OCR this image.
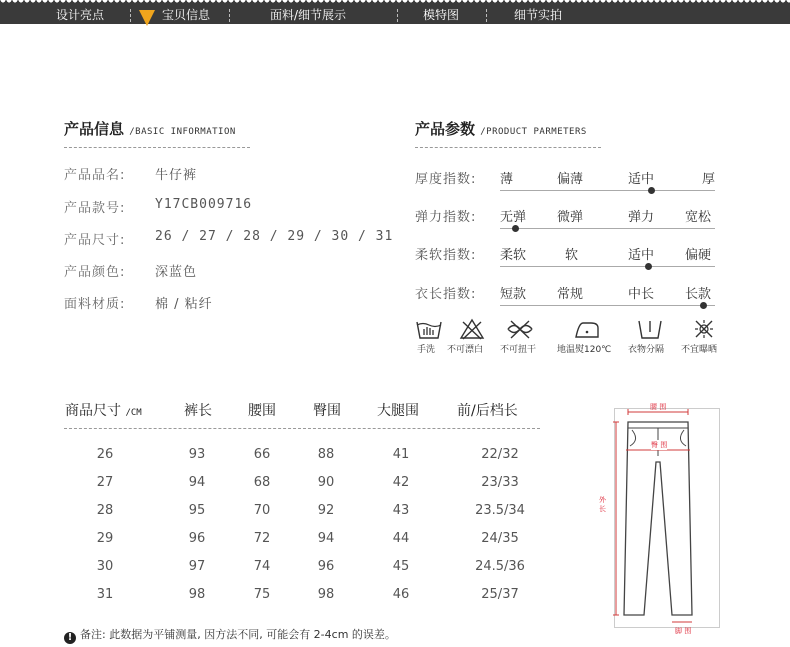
设计亮点	宝贝信息	面料/细节展示	模特图	细节实拍
产品信息 /BASIC INFORMATION
产品品名: 牛仔裤
产品款号: Y17CB009716
产品尺寸: 26 / 27 / 28 / 29 / 30 / 31
产品颜色: 深蓝色
面料材质: 棉 / 粘纤
产品参数 /PRODUCT PARMETERS
厚度指数: 薄	偏薄	适中	厚
弹力指数: 无弹 微弹	弹力 宽松
柔软指数: 柔软	软	适中 偏硬
衣长指数: 短款 常规	中长 长款
手洗 不可漂白 不可扭干 地温熨120℃ 衣物分隔 不宜曝晒
商品尺寸 /CM	裤长	腰围	臀围	大腿围	前/后档长
26	93	66	88	41	22/32
27	94	68	90	42	23/33
28	95	70	92	43	23.5/34
29	96	72	94	44	24/35
30	97	74	96	45	24.5/36
31	98	75	98	46	25/37
! 备注: 此数据为平铺测量, 因方法不同, 可能会有 2-4cm 的误差。
腰 围
臀 围
外 长
脚 围
